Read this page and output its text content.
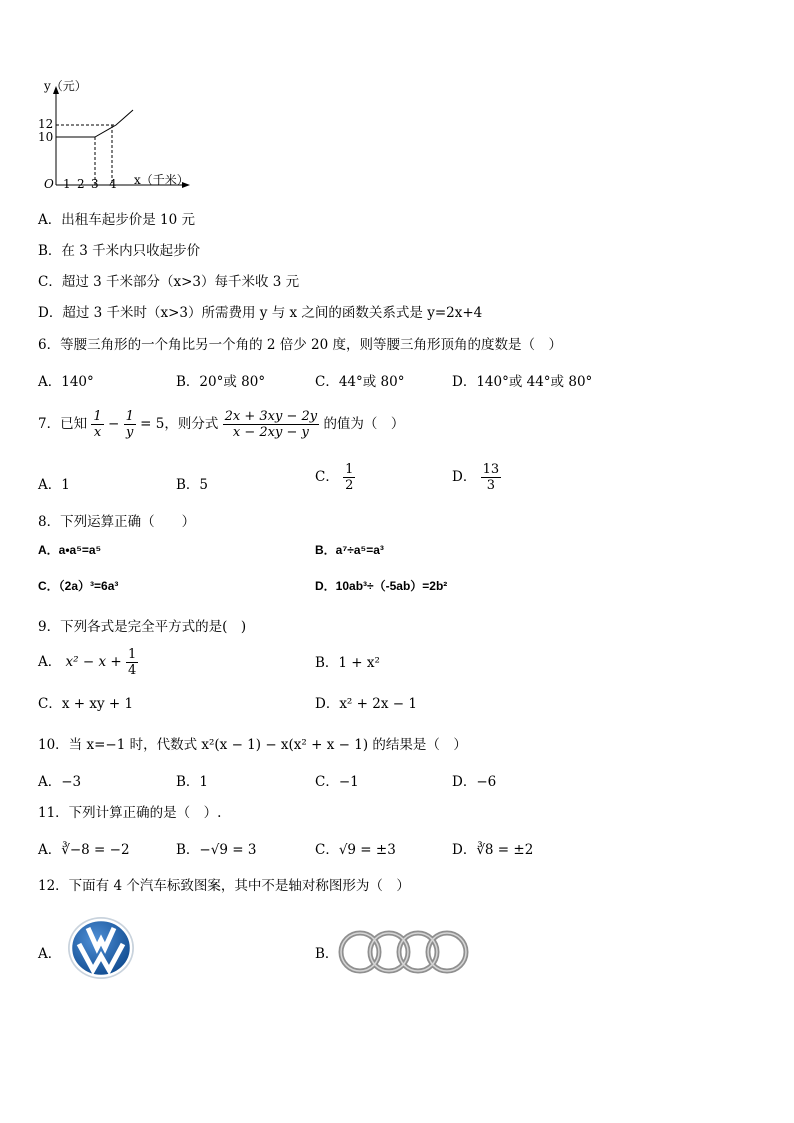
y（元）
12
10
O 1 2 3 4 x（千米）
A．出租车起步价是 10 元
B．在 3 千米内只收起步价
C．超过 3 千米部分（x>3）每千米收 3 元
D．超过 3 千米时（x>3）所需费用 y 与 x 之间的函数关系式是 y=2x+4
6．等腰三角形的一个角比另一个角的 2 倍少 20 度，则等腰三角形顶角的度数是（　）
A．140°	B．20°或 80°	C．44°或 80°	D．140°或 44°或 80°
7．已知 $\frac{1}{x} - \frac{1}{y} = 5$，则分式 $\frac{2x + 3xy - 2y}{x - 2xy - y}$ 的值为（　）
A．1	B．5	C． $\frac{1}{2}$	D． $\frac{13}{3}$
8．下列运算正确（　　）
A．a•a⁵=a⁵	B．a⁷÷a⁵=a³
C．（2a）³=6a³	D．10ab³÷（-5ab）=2b²
9．下列各式是完全平方式的是(　)
A． $x^2 - x + \frac{1}{4}$	B．1 + x²
C．x + xy + 1	D．x² + 2x − 1
10．当 x=−1 时，代数式 x²(x − 1) − x(x² + x − 1) 的结果是（　）
A．−3	B．1	C．−1	D．−6
11．下列计算正确的是（　）.
A．∛−8 = −2	B．−√9 = 3	C．√9 = ±3	D．∛8 = ±2
12．下面有 4 个汽车标致图案，其中不是轴对称图形为（　）
A．	B．
